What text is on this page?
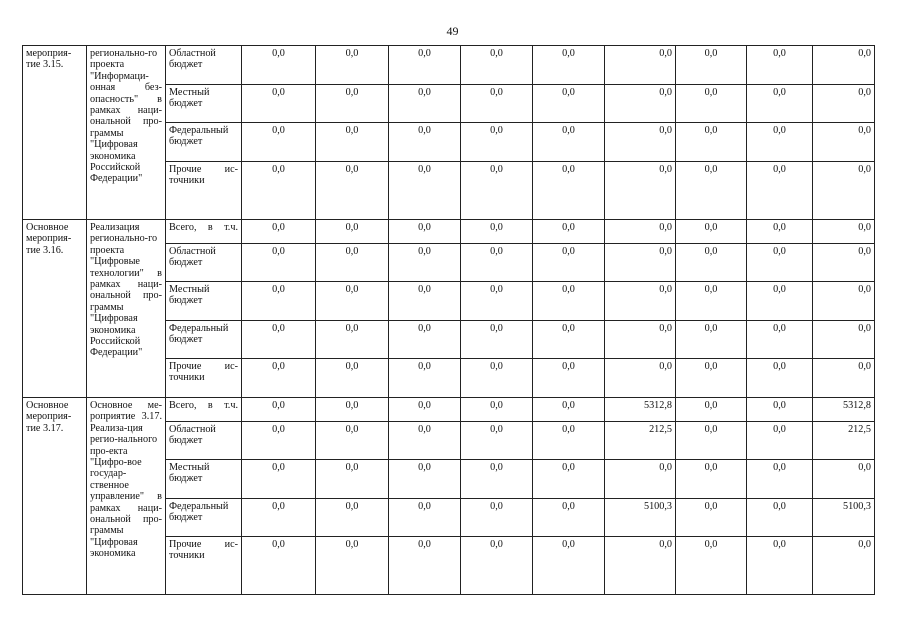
49
мероприя-тие 3.15.	регионально-го проекта "Информаци-онная без-опасность" в рамках наци-ональной про-граммы "Цифровая экономика Российской Федерации"	Областной бюджет	0,0	0,0	0,0	0,0	0,0	0,0	0,0	0,0	0,0
		Местный бюджет	0,0	0,0	0,0	0,0	0,0	0,0	0,0	0,0	0,0
		Федеральный бюджет	0,0	0,0	0,0	0,0	0,0	0,0	0,0	0,0	0,0
		Прочие ис-точники	0,0	0,0	0,0	0,0	0,0	0,0	0,0	0,0	0,0
Основное мероприя-тие 3.16.	Реализация регионально-го проекта "Цифровые технологии" в рамках наци-ональной про-граммы "Цифровая экономика Российской Федерации"	Всего, в т.ч.	0,0	0,0	0,0	0,0	0,0	0,0	0,0	0,0	0,0
		Областной бюджет	0,0	0,0	0,0	0,0	0,0	0,0	0,0	0,0	0,0
		Местный бюджет	0,0	0,0	0,0	0,0	0,0	0,0	0,0	0,0	0,0
		Федеральный бюджет	0,0	0,0	0,0	0,0	0,0	0,0	0,0	0,0	0,0
		Прочие ис-точники	0,0	0,0	0,0	0,0	0,0	0,0	0,0	0,0	0,0
Основное мероприя-тие 3.17.	Основное ме-роприятие 3.17. Реализа-ция регио-нального про-екта "Цифро-вое государ-ственное управление" в рамках наци-ональной про-граммы "Цифровая экономика	Всего, в т.ч.	0,0	0,0	0,0	0,0	0,0	5312,8	0,0	0,0	5312,8
		Областной бюджет	0,0	0,0	0,0	0,0	0,0	212,5	0,0	0,0	212,5
		Местный бюджет	0,0	0,0	0,0	0,0	0,0	0,0	0,0	0,0	0,0
		Федеральный бюджет	0,0	0,0	0,0	0,0	0,0	5100,3	0,0	0,0	5100,3
		Прочие ис-точники	0,0	0,0	0,0	0,0	0,0	0,0	0,0	0,0	0,0
